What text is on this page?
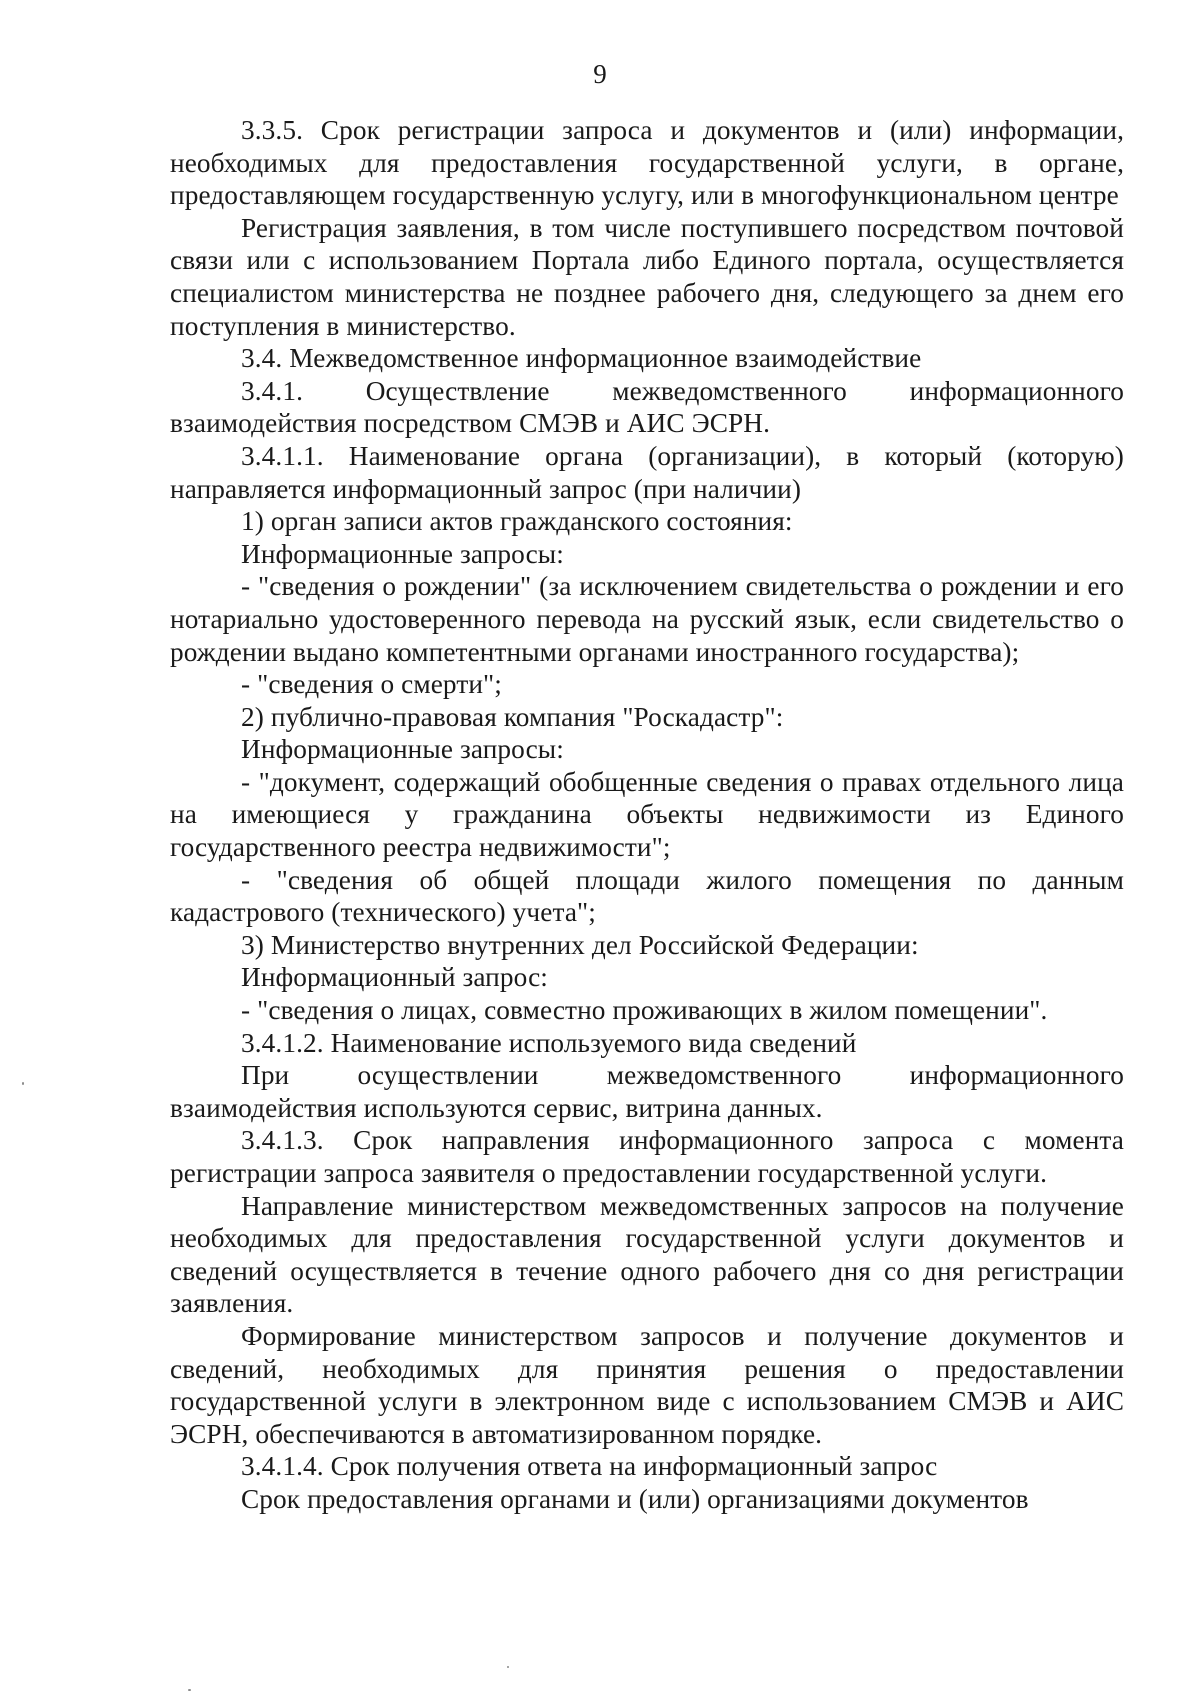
9

3.3.5. Срок регистрации запроса и документов и (или) информации, необходимых для предоставления государственной услуги, в органе, предоставляющем государственную услугу, или в многофункциональном центре

Регистрация заявления, в том числе поступившего посредством почтовой связи или с использованием Портала либо Единого портала, осуществляется специалистом министерства не позднее рабочего дня, следующего за днем его поступления в министерство.

3.4. Межведомственное информационное взаимодействие

3.4.1. Осуществление межведомственного информационного взаимодействия посредством СМЭВ и АИС ЭСРН.

3.4.1.1. Наименование органа (организации), в который (которую) направляется информационный запрос (при наличии)

1) орган записи актов гражданского состояния:

Информационные запросы:

- "сведения о рождении" (за исключением свидетельства о рождении и его нотариально удостоверенного перевода на русский язык, если свидетельство о рождении выдано компетентными органами иностранного государства);

- "сведения о смерти";

2) публично-правовая компания "Роскадастр":

Информационные запросы:

- "документ, содержащий обобщенные сведения о правах отдельного лица на имеющиеся у гражданина объекты недвижимости из Единого государственного реестра недвижимости";

- "сведения об общей площади жилого помещения по данным кадастрового (технического) учета";

3) Министерство внутренних дел Российской Федерации:

Информационный запрос:

- "сведения о лицах, совместно проживающих в жилом помещении".

3.4.1.2. Наименование используемого вида сведений

При осуществлении межведомственного информационного взаимодействия используются сервис, витрина данных.

3.4.1.3. Срок направления информационного запроса с момента регистрации запроса заявителя о предоставлении государственной услуги.

Направление министерством межведомственных запросов на получение необходимых для предоставления государственной услуги документов и сведений осуществляется в течение одного рабочего дня со дня регистрации заявления.

Формирование министерством запросов и получение документов и сведений, необходимых для принятия решения о предоставлении государственной услуги в электронном виде с использованием СМЭВ и АИС ЭСРН, обеспечиваются в автоматизированном порядке.

3.4.1.4. Срок получения ответа на информационный запрос

Срок предоставления органами и (или) организациями документов
